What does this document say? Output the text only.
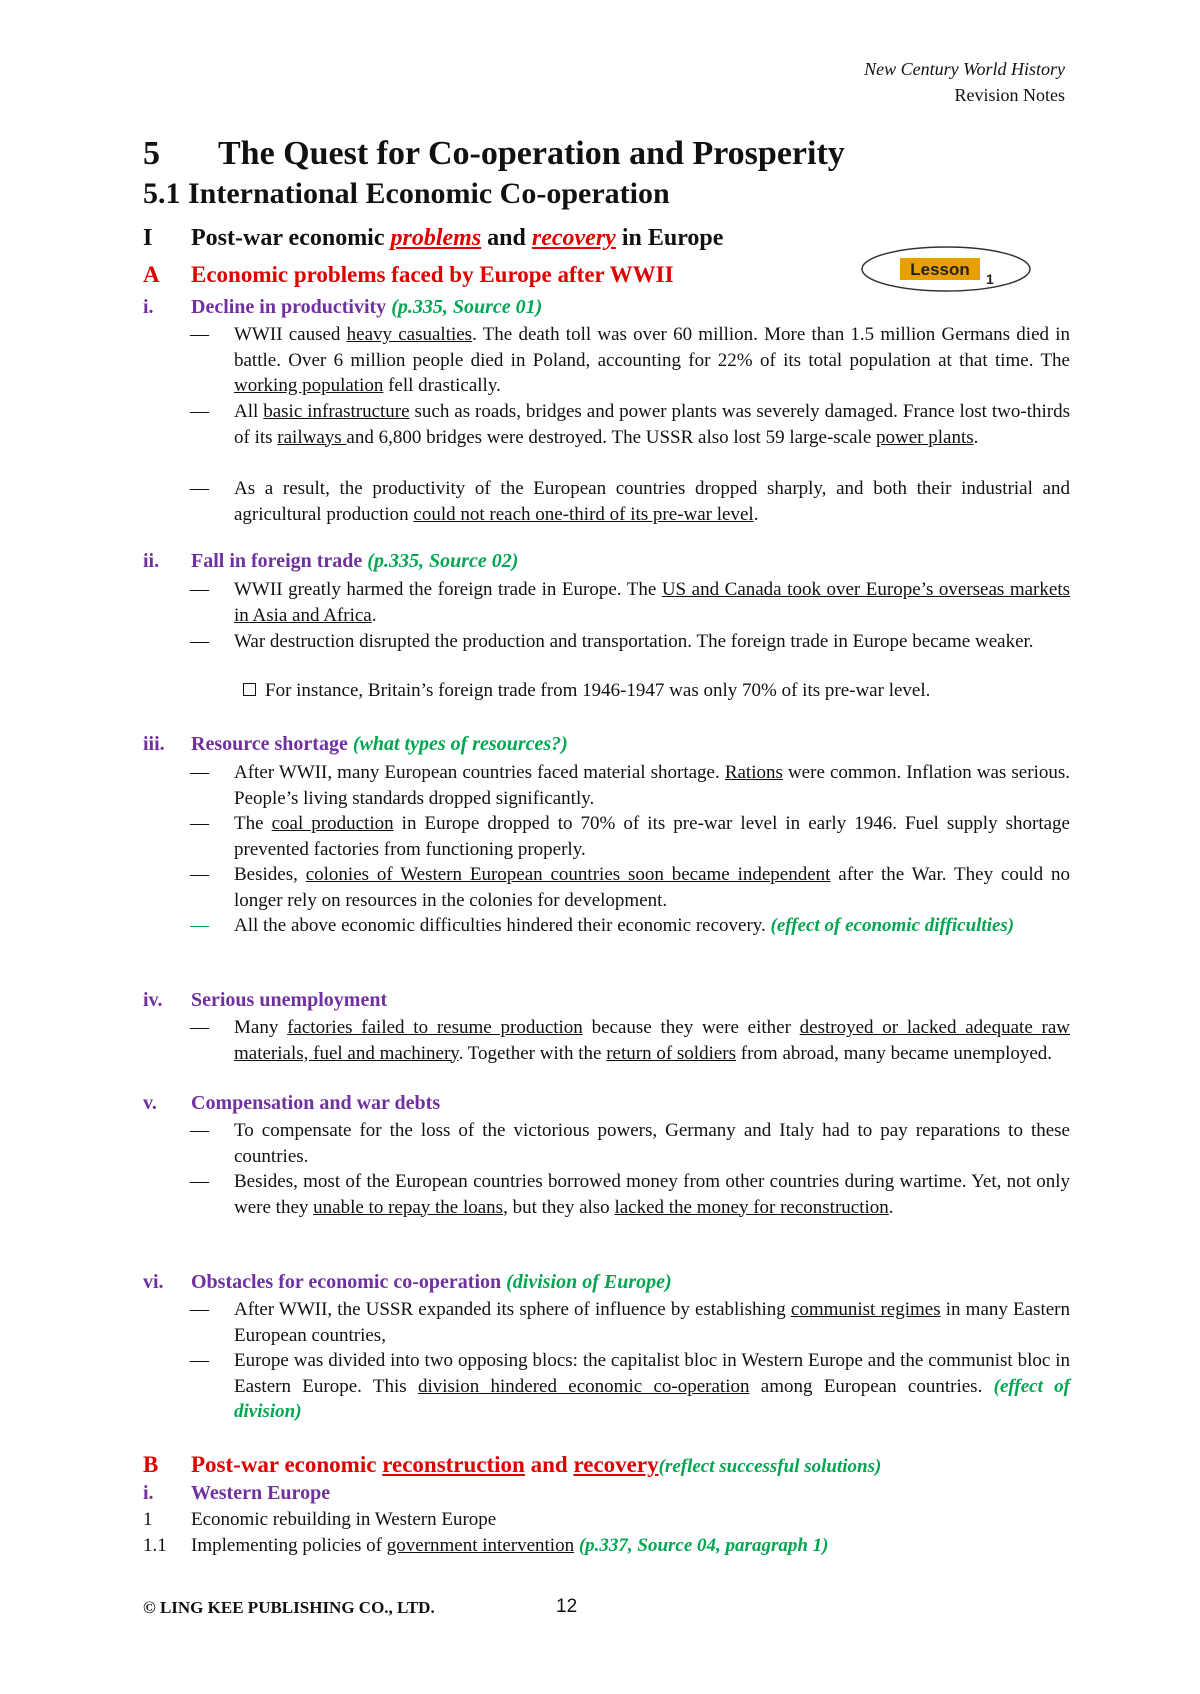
New Century World History
Revision Notes
5 The Quest for Co-operation and Prosperity
5.1 International Economic Co-operation
I Post-war economic problems and recovery in Europe
A Economic problems faced by Europe after WWII	Lesson 1
i. Decline in productivity (p.335, Source 01)
— WWII caused heavy casualties. The death toll was over 60 million. More than 1.5 million Germans died in battle. Over 6 million people died in Poland, accounting for 22% of its total population at that time. The working population fell drastically.
— All basic infrastructure such as roads, bridges and power plants was severely damaged. France lost two-thirds of its railways and 6,800 bridges were destroyed. The USSR also lost 59 large-scale power plants.
— As a result, the productivity of the European countries dropped sharply, and both their industrial and agricultural production could not reach one-third of its pre-war level.
ii. Fall in foreign trade (p.335, Source 02)
— WWII greatly harmed the foreign trade in Europe. The US and Canada took over Europe’s overseas markets in Asia and Africa.
— War destruction disrupted the production and transportation. The foreign trade in Europe became weaker.
For instance, Britain’s foreign trade from 1946-1947 was only 70% of its pre-war level.
iii. Resource shortage (what types of resources?)
— After WWII, many European countries faced material shortage. Rations were common. Inflation was serious. People’s living standards dropped significantly.
— The coal production in Europe dropped to 70% of its pre-war level in early 1946. Fuel supply shortage prevented factories from functioning properly.
— Besides, colonies of Western European countries soon became independent after the War. They could no longer rely on resources in the colonies for development.
— All the above economic difficulties hindered their economic recovery. (effect of economic difficulties)
iv. Serious unemployment
— Many factories failed to resume production because they were either destroyed or lacked adequate raw materials, fuel and machinery. Together with the return of soldiers from abroad, many became unemployed.
v. Compensation and war debts
— To compensate for the loss of the victorious powers, Germany and Italy had to pay reparations to these countries.
— Besides, most of the European countries borrowed money from other countries during wartime. Yet, not only were they unable to repay the loans, but they also lacked the money for reconstruction.
vi. Obstacles for economic co-operation (division of Europe)
— After WWII, the USSR expanded its sphere of influence by establishing communist regimes in many Eastern European countries,
— Europe was divided into two opposing blocs: the capitalist bloc in Western Europe and the communist bloc in Eastern Europe. This division hindered economic co-operation among European countries. (effect of division)
B Post-war economic reconstruction and recovery(reflect successful solutions)
i. Western Europe
1 Economic rebuilding in Western Europe
1.1 Implementing policies of government intervention (p.337, Source 04, paragraph 1)
© LING KEE PUBLISHING CO., LTD.	12
